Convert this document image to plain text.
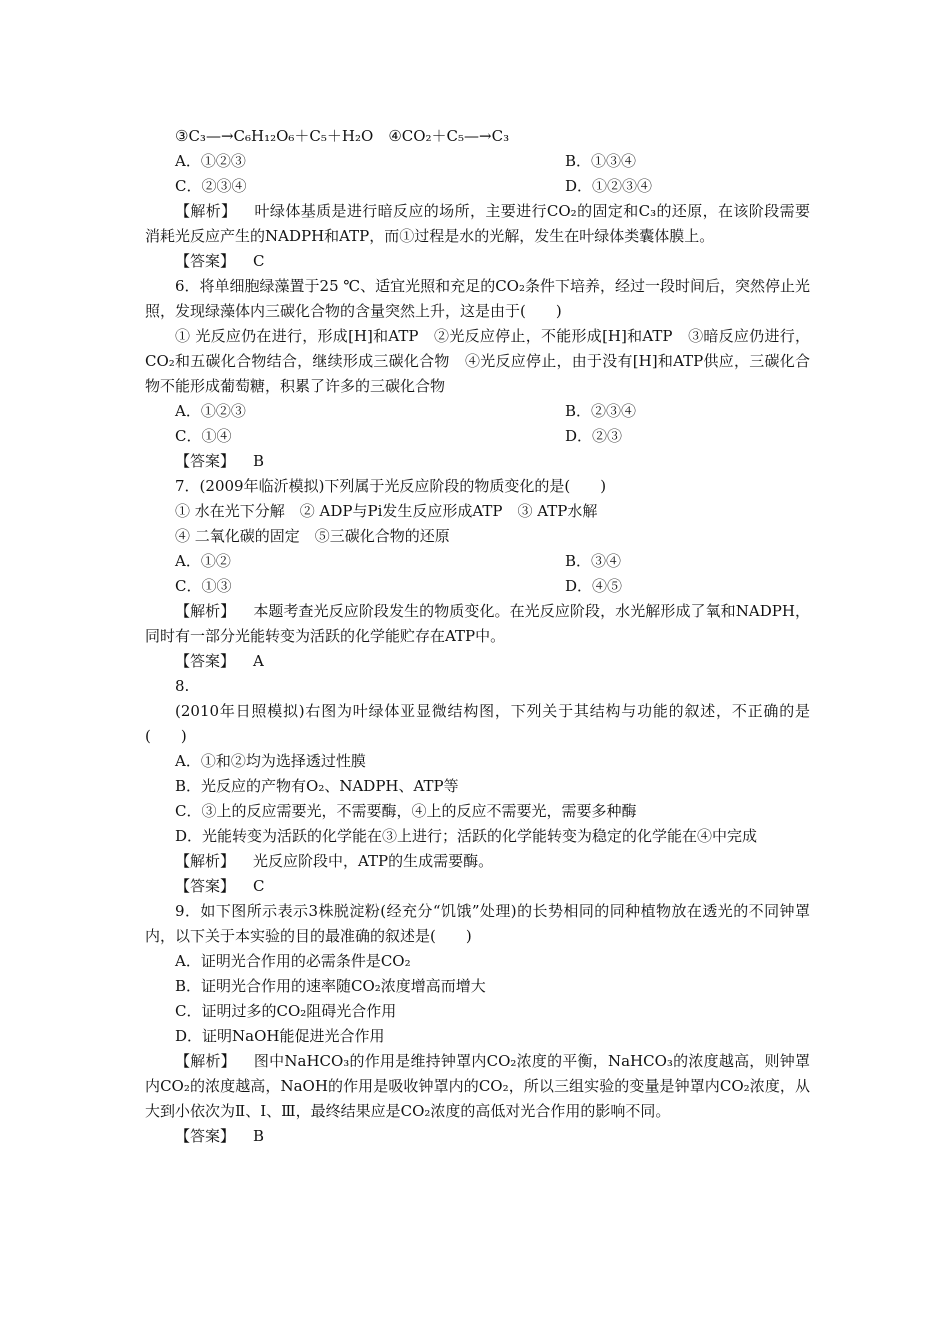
③C₃—→C₆H₁₂O₆＋C₅＋H₂O　 ④CO₂＋C₅—→C₃
A．①②③	B．①③④
C．②③④	D．①②③④
【解析】 叶绿体基质是进行暗反应的场所，主要进行CO₂的固定和C₃的还原，在该阶段需要消耗光反应产生的NADPH和ATP，而①过程是水的光解，发生在叶绿体类囊体膜上。
【答案】 C
6．将单细胞绿藻置于25 ℃、适宜光照和充足的CO₂条件下培养，经过一段时间后，突然停止光照，发现绿藻体内三碳化合物的含量突然上升，这是由于(　　)
① 光反应仍在进行，形成[H]和ATP　②光反应停止，不能形成[H]和ATP　③暗反应仍进行，CO₂和五碳化合物结合，继续形成三碳化合物　④光反应停止，由于没有[H]和ATP供应，三碳化合物不能形成葡萄糖，积累了许多的三碳化合物
A．①②③	B．②③④
C．①④	D．②③
【答案】 B
7．(2009年临沂模拟)下列属于光反应阶段的物质变化的是(　　)
① 水在光下分解　② ADP与Pi发生反应形成ATP　③ ATP水解
④ 二氧化碳的固定　⑤三碳化合物的还原
A．①②	B．③④
C．①③	D．④⑤
【解析】 本题考查光反应阶段发生的物质变化。在光反应阶段，水光解形成了氧和NADPH，同时有一部分光能转变为活跃的化学能贮存在ATP中。
【答案】 A
8.
(2010年日照模拟)右图为叶绿体亚显微结构图，下列关于其结构与功能的叙述，不正确的是(　　)
A．①和②均为选择透过性膜
B．光反应的产物有O₂、NADPH、ATP等
C．③上的反应需要光，不需要酶，④上的反应不需要光，需要多种酶
D．光能转变为活跃的化学能在③上进行；活跃的化学能转变为稳定的化学能在④中完成
【解析】 光反应阶段中，ATP的生成需要酶。
【答案】 C
9．如下图所示表示3株脱淀粉(经充分“饥饿”处理)的长势相同的同种植物放在透光的不同钟罩内，以下关于本实验的目的最准确的叙述是(　　)
A．证明光合作用的必需条件是CO₂
B．证明光合作用的速率随CO₂浓度增高而增大
C．证明过多的CO₂阻碍光合作用
D．证明NaOH能促进光合作用
【解析】 图中NaHCO₃的作用是维持钟罩内CO₂浓度的平衡，NaHCO₃的浓度越高，则钟罩内CO₂的浓度越高，NaOH的作用是吸收钟罩内的CO₂，所以三组实验的变量是钟罩内CO₂浓度，从大到小依次为Ⅱ、Ⅰ、Ⅲ，最终结果应是CO₂浓度的高低对光合作用的影响不同。
【答案】 B
